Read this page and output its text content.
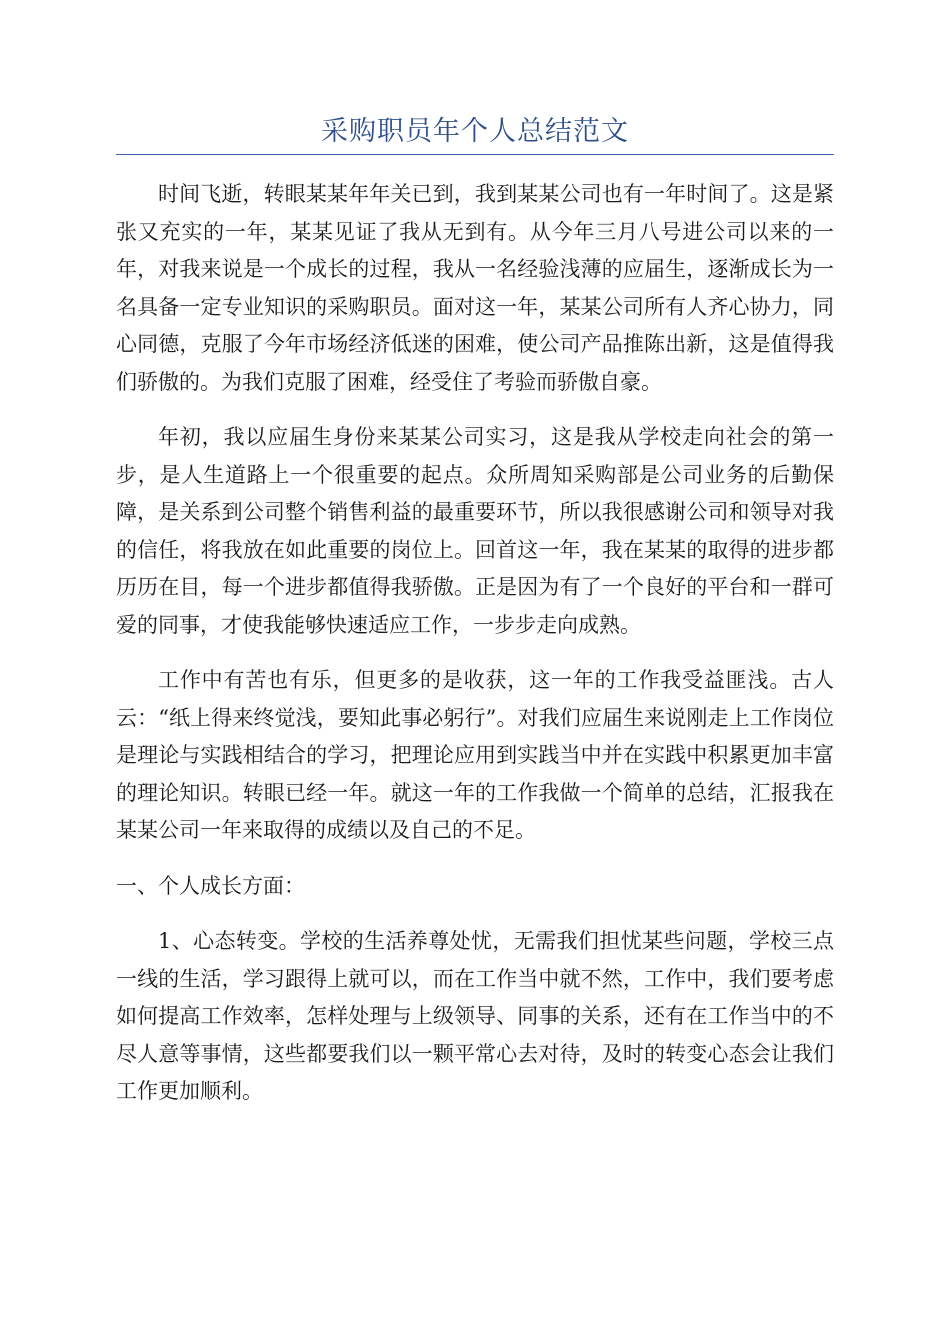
采购职员年个人总结范文

时间飞逝，转眼某某年年关已到，我到某某公司也有一年时间了。这是紧张又充实的一年，某某见证了我从无到有。从今年三月八号进公司以来的一年，对我来说是一个成长的过程，我从一名经验浅薄的应届生，逐渐成长为一名具备一定专业知识的采购职员。面对这一年，某某公司所有人齐心协力，同心同德，克服了今年市场经济低迷的困难，使公司产品推陈出新，这是值得我们骄傲的。为我们克服了困难，经受住了考验而骄傲自豪。

年初，我以应届生身份来某某公司实习，这是我从学校走向社会的第一步，是人生道路上一个很重要的起点。众所周知采购部是公司业务的后勤保障，是关系到公司整个销售利益的最重要环节，所以我很感谢公司和领导对我的信任，将我放在如此重要的岗位上。回首这一年，我在某某的取得的进步都历历在目，每一个进步都值得我骄傲。正是因为有了一个良好的平台和一群可爱的同事，才使我能够快速适应工作，一步步走向成熟。

工作中有苦也有乐，但更多的是收获，这一年的工作我受益匪浅。古人云：“纸上得来终觉浅，要知此事必躬行”。对我们应届生来说刚走上工作岗位是理论与实践相结合的学习，把理论应用到实践当中并在实践中积累更加丰富的理论知识。转眼已经一年。就这一年的工作我做一个简单的总结，汇报我在某某公司一年来取得的成绩以及自己的不足。

一、个人成长方面：

1、心态转变。学校的生活养尊处忧，无需我们担忧某些问题，学校三点一线的生活，学习跟得上就可以，而在工作当中就不然，工作中，我们要考虑如何提高工作效率，怎样处理与上级领导、同事的关系，还有在工作当中的不尽人意等事情，这些都要我们以一颗平常心去对待，及时的转变心态会让我们工作更加顺利。
